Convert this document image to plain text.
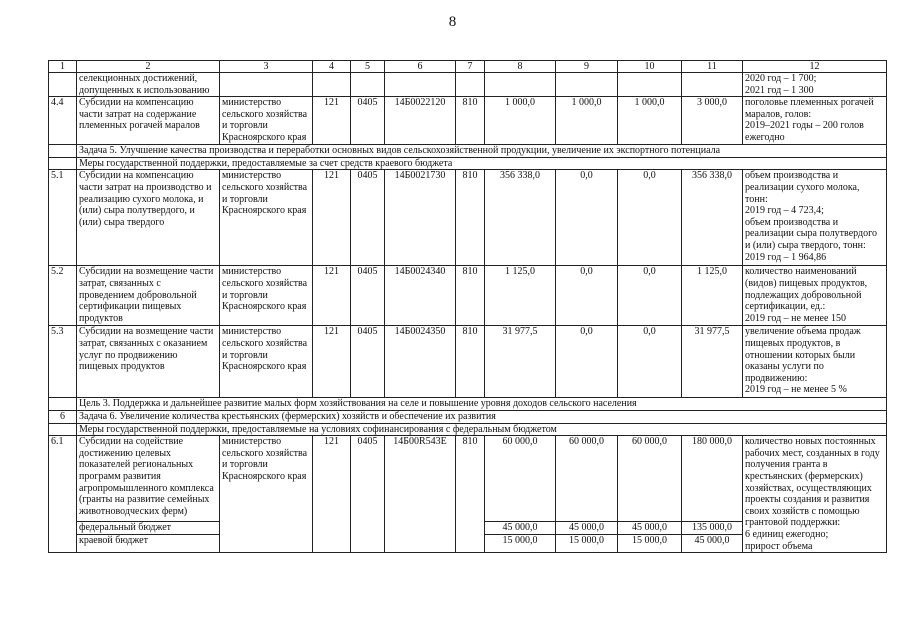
8
1	2	3	4	5	6	7	8	9	10	11	12
	селекционных достижений, допущенных к использованию										2020 год – 1 700;
2021 год – 1 300
4.4	Субсидии на компенсацию части затрат на содержание племенных рогачей маралов	министерство сельского хозяйства и торговли Красноярского края	121	0405	14Б0022120	810	1 000,0	1 000,0	1 000,0	3 000,0	поголовье племенных рогачей маралов, голов:
2019–2021 годы – 200 голов ежегодно
	Задача 5. Улучшение качества производства и переработки основных видов сельскохозяйственной продукции, увеличение их экспортного потенциала										
	Меры государственной поддержки, предоставляемые за счет средств краевого бюджета										
5.1	Субсидии на компенсацию части затрат на производство и реализацию сухого молока, и (или) сыра полутвердого, и (или) сыра твердого	министерство сельского хозяйства и торговли Красноярского края	121	0405	14Б0021730	810	356 338,0	0,0	0,0	356 338,0	объем производства и реализации сухого молока, тонн:
2019 год – 4 723,4;
объем производства и реализации сыра полутвердого и (или) сыра твердого, тонн:
2019 год – 1 964,86
5.2	Субсидии на возмещение части затрат, связанных с проведением добровольной сертификации пищевых продуктов	министерство сельского хозяйства и торговли Красноярского края	121	0405	14Б0024340	810	1 125,0	0,0	0,0	1 125,0	количество наименований (видов) пищевых продуктов, подлежащих добровольной сертификации, ед.:
2019 год – не менее 150
5.3	Субсидии на возмещение части затрат, связанных с оказанием услуг по продвижению пищевых продуктов	министерство сельского хозяйства и торговли Красноярского края	121	0405	14Б0024350	810	31 977,5	0,0	0,0	31 977,5	увеличение объема продаж пищевых продуктов, в отношении которых были оказаны услуги по продвижению:
2019 год – не менее 5 %
	Цель 3. Поддержка и дальнейшее развитие малых форм хозяйствования на селе и повышение уровня доходов сельского населения										
6	Задача 6. Увеличение количества крестьянских (фермерских) хозяйств и обеспечение их развития										
	Меры государственной поддержки, предоставляемые на условиях софинансирования с федеральным бюджетом										
6.1	Субсидии на содействие достижению целевых показателей региональных программ развития агропромышленного комплекса (гранты на развитие семейных животноводческих ферм)	министерство сельского хозяйства и торговли Красноярского края	121	0405	14Б00R543E	810	60 000,0	60 000,0	60 000,0	180 000,0	количество новых постоянных рабочих мест, созданных в году получения гранта в крестьянских (фермерских) хозяйствах, осуществляющих проекты создания и развития своих хозяйств с помощью грантовой поддержки:
6 единиц ежегодно;
прирост объема
	федеральный бюджет						45 000,0	45 000,0	45 000,0	135 000,0	
	краевой бюджет						15 000,0	15 000,0	15 000,0	45 000,0	
